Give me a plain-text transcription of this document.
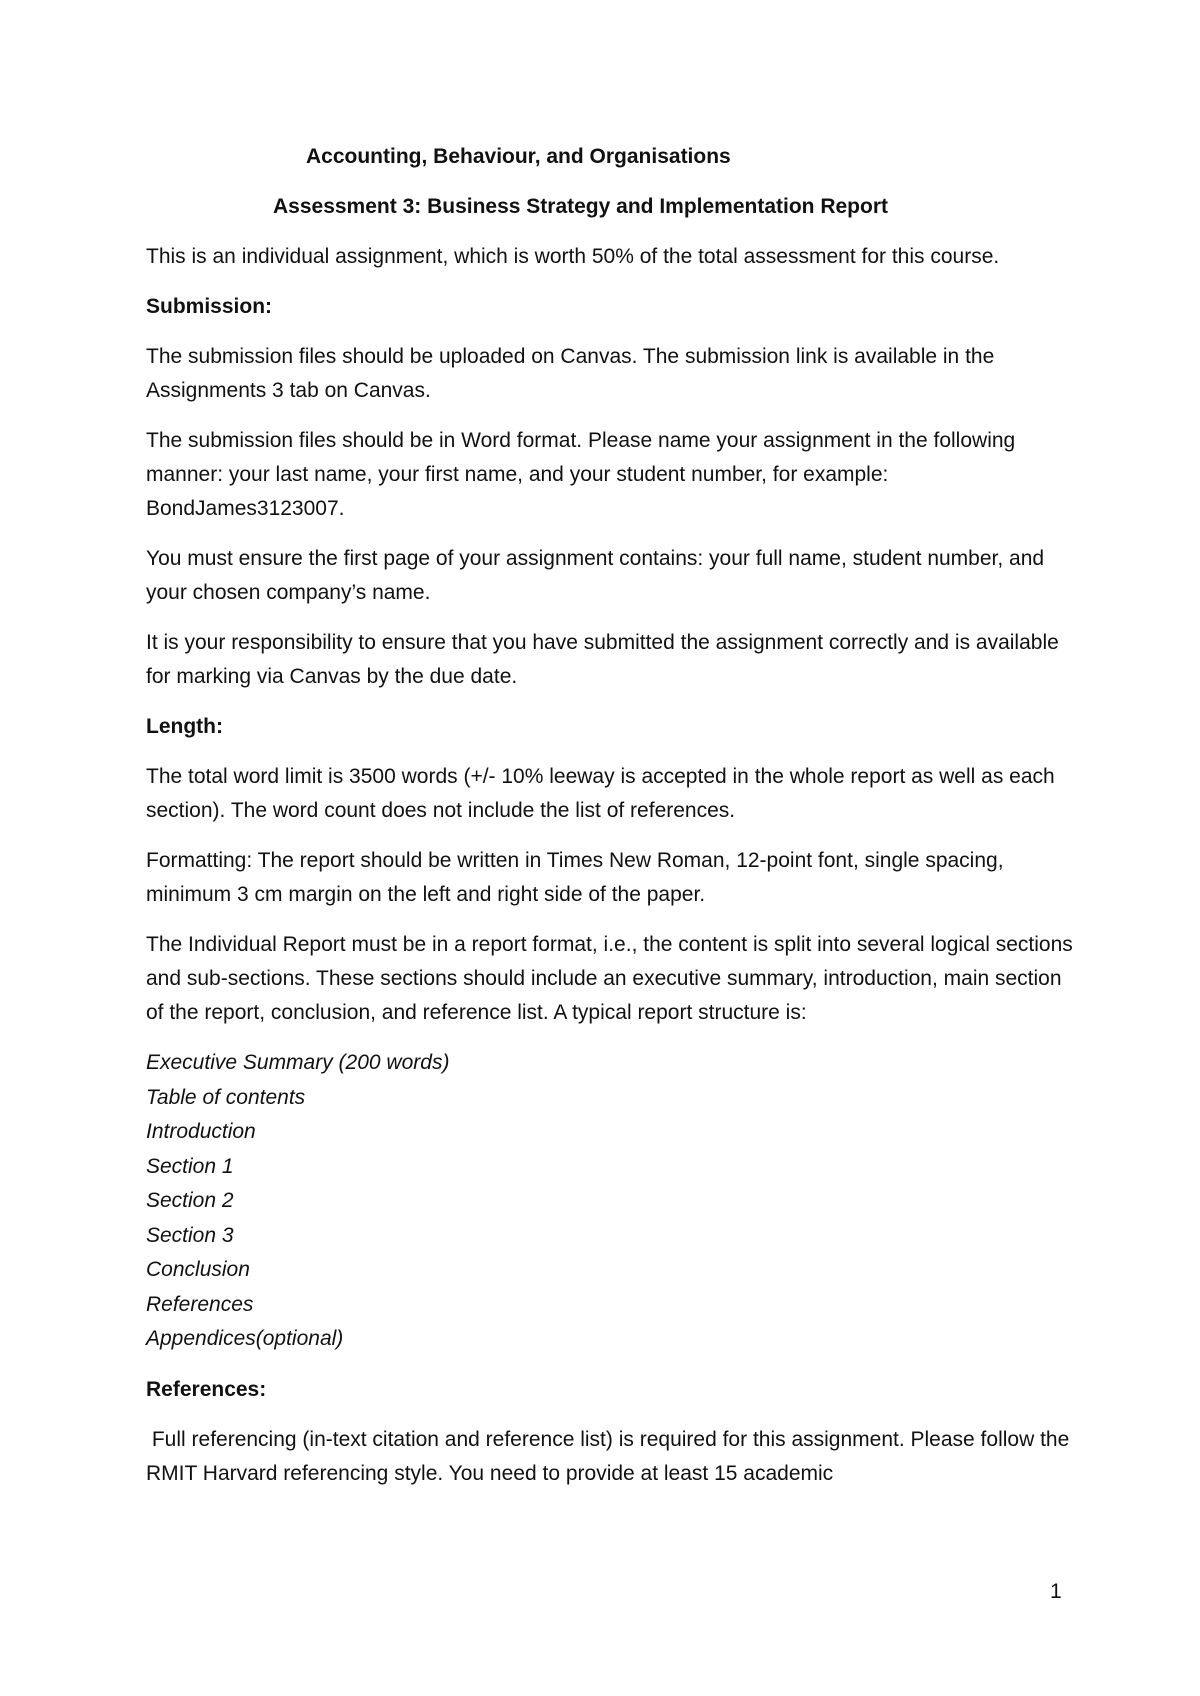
Accounting, Behaviour, and Organisations

Assessment 3: Business Strategy and Implementation Report

This is an individual assignment, which is worth 50% of the total assessment for this course.

Submission:

The submission files should be uploaded on Canvas. The submission link is available in the Assignments 3 tab on Canvas.

The submission files should be in Word format. Please name your assignment in the following manner: your last name, your first name, and your student number, for example: BondJames3123007.

You must ensure the first page of your assignment contains: your full name, student number, and your chosen company’s name.

It is your responsibility to ensure that you have submitted the assignment correctly and is available for marking via Canvas by the due date.

Length:

The total word limit is 3500 words (+/- 10% leeway is accepted in the whole report as well as each section). The word count does not include the list of references.

Formatting: The report should be written in Times New Roman, 12-point font, single spacing, minimum 3 cm margin on the left and right side of the paper.

The Individual Report must be in a report format, i.e., the content is split into several logical sections and sub-sections. These sections should include an executive summary, introduction, main section of the report, conclusion, and reference list. A typical report structure is:

Executive Summary (200 words)
Table of contents
Introduction
Section 1
Section 2
Section 3
Conclusion
References
Appendices(optional)

References:

Full referencing (in-text citation and reference list) is required for this assignment. Please follow the RMIT Harvard referencing style. You need to provide at least 15 academic

1
